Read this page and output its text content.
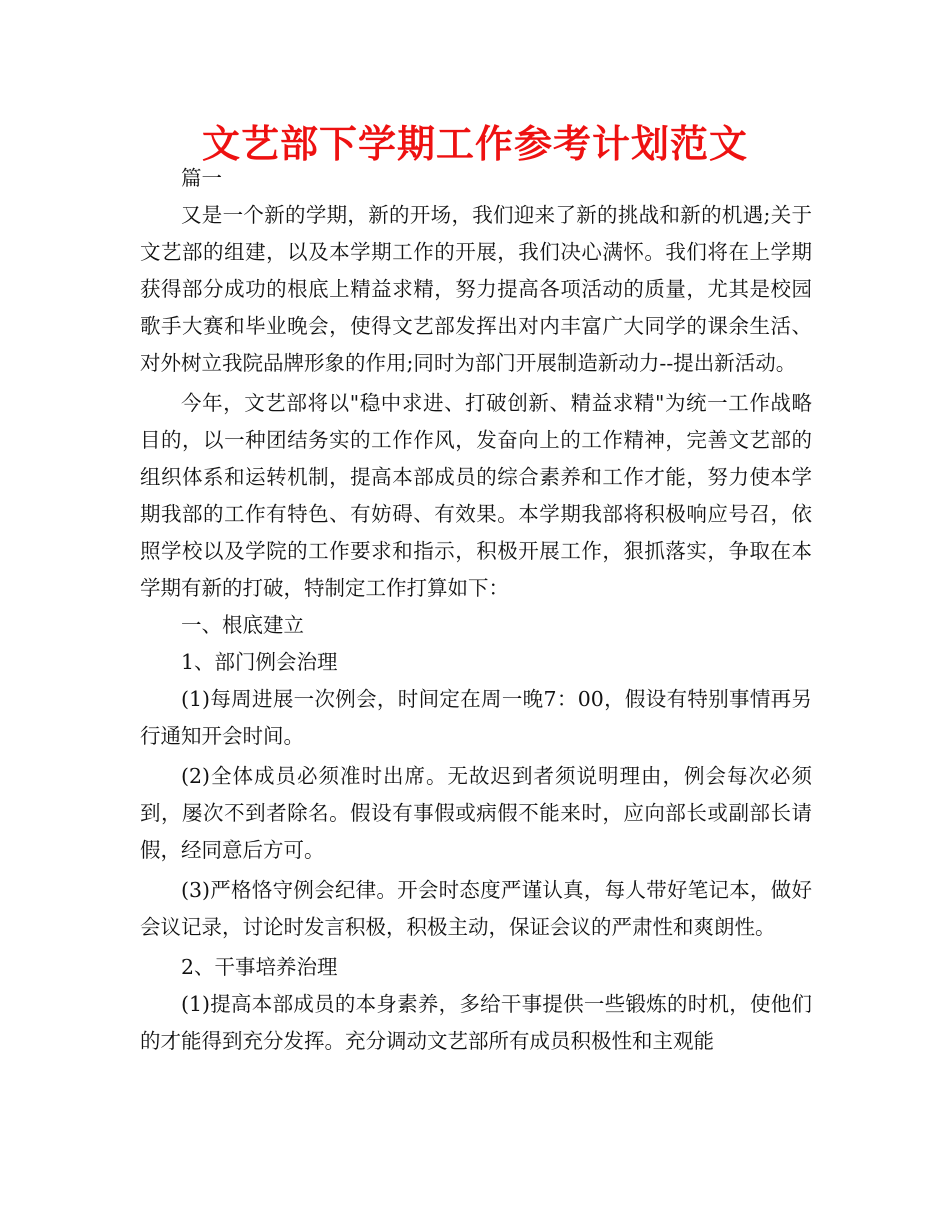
文艺部下学期工作参考计划范文

篇一

又是一个新的学期，新的开场，我们迎来了新的挑战和新的机遇;关于文艺部的组建，以及本学期工作的开展，我们决心满怀。我们将在上学期获得部分成功的根底上精益求精，努力提高各项活动的质量，尤其是校园歌手大赛和毕业晚会，使得文艺部发挥出对内丰富广大同学的课余生活、对外树立我院品牌形象的作用;同时为部门开展制造新动力--提出新活动。

今年，文艺部将以"稳中求进、打破创新、精益求精"为统一工作战略目的，以一种团结务实的工作作风，发奋向上的工作精神，完善文艺部的组织体系和运转机制，提高本部成员的综合素养和工作才能，努力使本学期我部的工作有特色、有妨碍、有效果。本学期我部将积极响应号召，依照学校以及学院的工作要求和指示，积极开展工作，狠抓落实，争取在本学期有新的打破，特制定工作打算如下：

一、根底建立

1、部门例会治理

(1)每周进展一次例会，时间定在周一晚7：00，假设有特别事情再另行通知开会时间。

(2)全体成员必须准时出席。无故迟到者须说明理由，例会每次必须到，屡次不到者除名。假设有事假或病假不能来时，应向部长或副部长请假，经同意后方可。

(3)严格恪守例会纪律。开会时态度严谨认真，每人带好笔记本，做好会议记录，讨论时发言积极，积极主动，保证会议的严肃性和爽朗性。

2、干事培养治理

(1)提高本部成员的本身素养，多给干事提供一些锻炼的时机，使他们的才能得到充分发挥。充分调动文艺部所有成员积极性和主观能
